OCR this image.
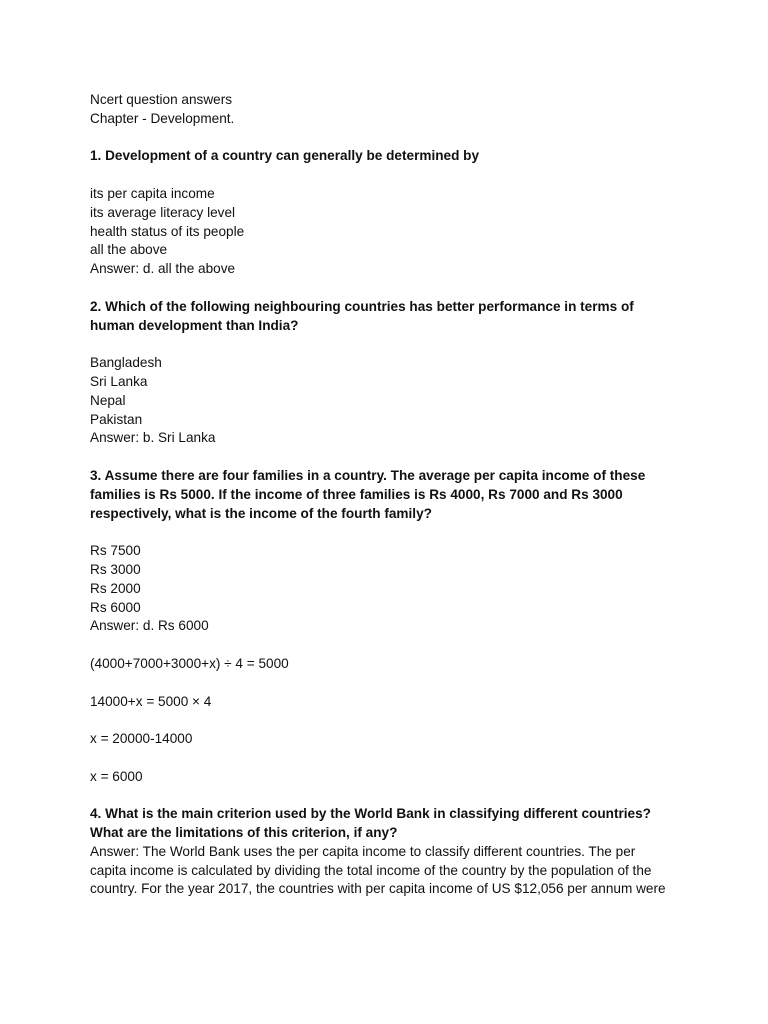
Ncert question answers
Chapter - Development.
1. Development of a country can generally be determined by
its per capita income
its average literacy level
health status of its people
all the above
Answer: d. all the above
2. Which of the following neighbouring countries has better performance in terms of
human development than India?
Bangladesh
Sri Lanka
Nepal
Pakistan
Answer: b. Sri Lanka
3. Assume there are four families in a country. The average per capita income of these
families is Rs 5000. If the income of three families is Rs 4000, Rs 7000 and Rs 3000
respectively, what is the income of the fourth family?
Rs 7500
Rs 3000
Rs 2000
Rs 6000
Answer: d. Rs 6000
(4000+7000+3000+x) ÷ 4 = 5000
14000+x = 5000 × 4
x = 20000-14000
x = 6000
4. What is the main criterion used by the World Bank in classifying different countries?
What are the limitations of this criterion, if any?
Answer: The World Bank uses the per capita income to classify different countries. The per
capita income is calculated by dividing the total income of the country by the population of the
country. For the year 2017, the countries with per capita income of US $12,056 per annum were
